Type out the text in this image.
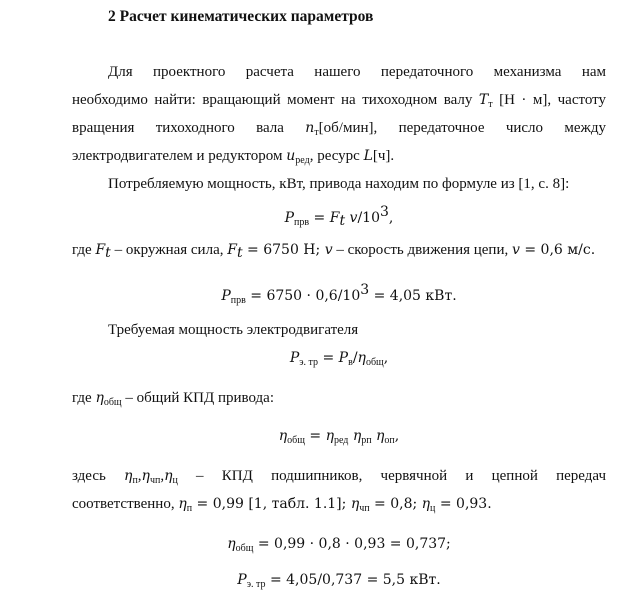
2 Расчет кинематических параметров
Для проектного расчета нашего передаточного механизма нам
необходимо найти: вращающий момент на тихоходном валу $T_т$ [Н · м], частоту
вращения тихоходного вала $n_т[об/мин]$, передаточное число между
электродвигателем и редуктором $u_{ред}$, ресурс L[ч].
Потребляемую мощность, кВт, привода находим по формуле из [1, с. 8]:
$P_{прв} = F_t$ $v/10^3$,
где $F_t$ – окружная сила, $F_t = 6750$ Н; v – скорость движения цепи, v = 0,6 м/с.
$P_{прв} = 6750 \cdot 0,6/10^3 = 4,05$ кВт.
Требуемая мощность электродвигателя
$P_{э. тр} = P_в/\eta_{общ}$,
где $\eta_{общ}$ – общий КПД привода:
$\eta_{общ} = \eta_{ред}$ $\eta_{рп}$ $\eta_{оп}$,
здесь $\eta_п,\eta_{чп},\eta_ц$ – КПД подшипников, червячной и цепной передач
соответственно, $\eta_п = 0,99$ [1, табл. 1.1]; $\eta_{чп} = 0,8$; $\eta_ц = 0,93$.
$\eta_{общ} = 0,99 \cdot 0,8 \cdot 0,93 = 0,737$;
$P_{э. тр} = 4,05/0,737 = 5,5$ кВт.
